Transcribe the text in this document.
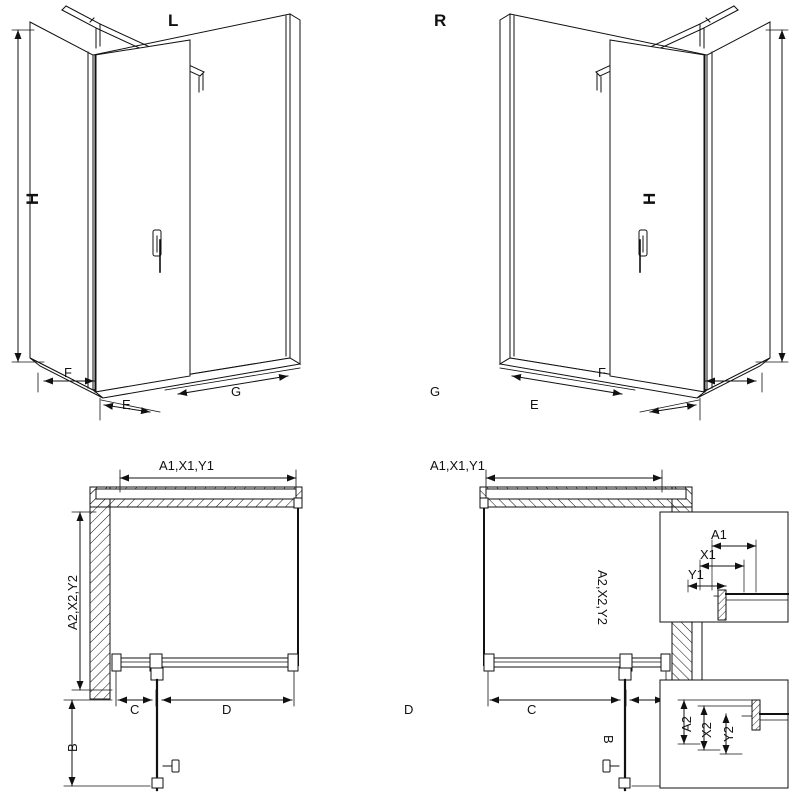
L	R
H	H
F
E
G	G
E
F
A1,X1,Y1	A1,X1,Y1
A2,X2,Y2	A2,X2,Y2
C	D	D	C
B
B
A1
X1
Y1
A2 X2 Y2
